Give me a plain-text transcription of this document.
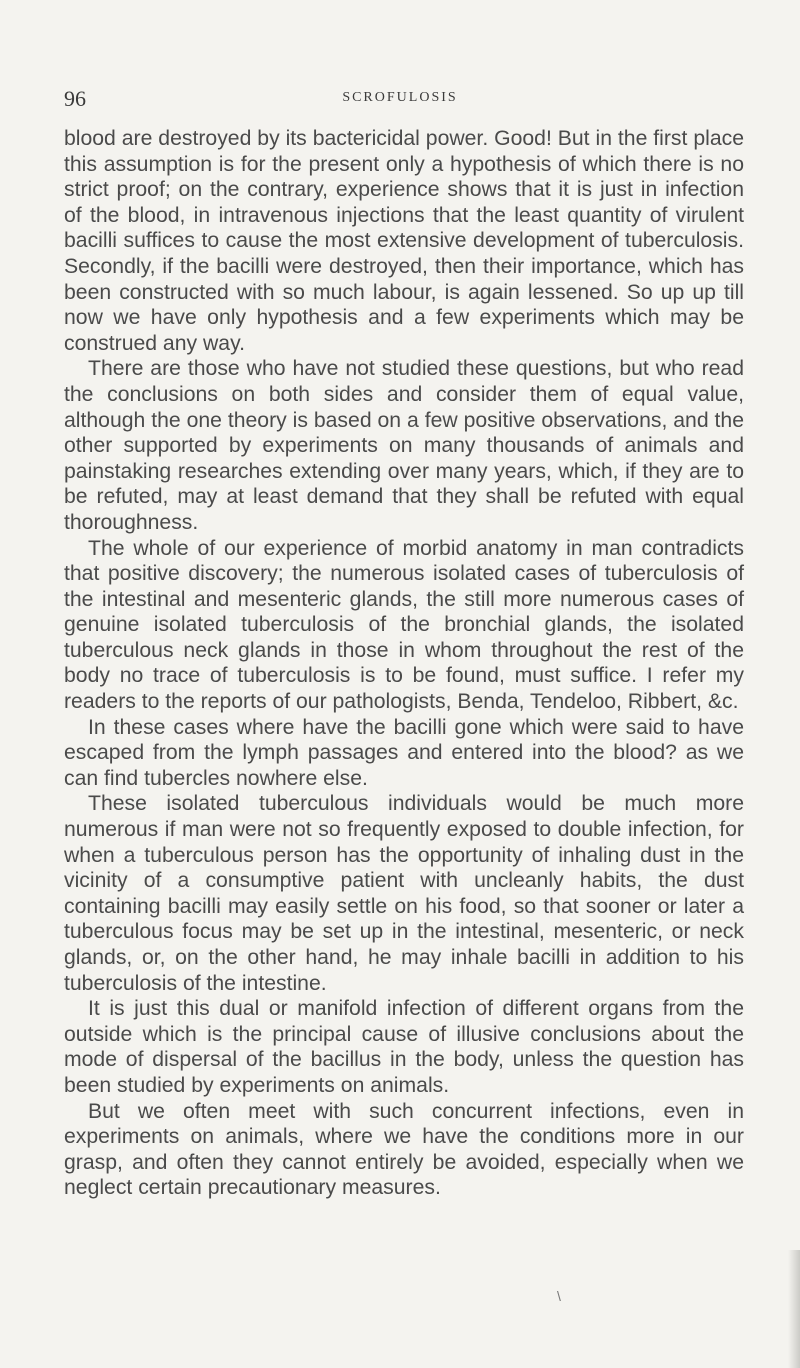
96	SCROFULOSIS

blood are destroyed by its bactericidal power. Good! But in the first place this assumption is for the present only a hypothesis of which there is no strict proof; on the contrary, experience shows that it is just in infection of the blood, in intravenous injections that the least quantity of virulent bacilli suffices to cause the most extensive development of tuberculosis. Secondly, if the bacilli were destroyed, then their importance, which has been constructed with so much labour, is again lessened. So up up till now we have only hypothesis and a few experiments which may be construed any way.

There are those who have not studied these questions, but who read the conclusions on both sides and consider them of equal value, although the one theory is based on a few positive observations, and the other supported by experiments on many thousands of animals and painstaking researches extending over many years, which, if they are to be refuted, may at least demand that they shall be refuted with equal thoroughness.

The whole of our experience of morbid anatomy in man contradicts that positive discovery; the numerous isolated cases of tuberculosis of the intestinal and mesenteric glands, the still more numerous cases of genuine isolated tuberculosis of the bronchial glands, the isolated tuberculous neck glands in those in whom throughout the rest of the body no trace of tuberculosis is to be found, must suffice. I refer my readers to the reports of our pathologists, Benda, Tendeloo, Ribbert, &c.

In these cases where have the bacilli gone which were said to have escaped from the lymph passages and entered into the blood? as we can find tubercles nowhere else.

These isolated tuberculous individuals would be much more numerous if man were not so frequently exposed to double infection, for when a tuberculous person has the opportunity of inhaling dust in the vicinity of a consumptive patient with uncleanly habits, the dust containing bacilli may easily settle on his food, so that sooner or later a tuberculous focus may be set up in the intestinal, mesenteric, or neck glands, or, on the other hand, he may inhale bacilli in addition to his tuberculosis of the intestine.

It is just this dual or manifold infection of different organs from the outside which is the principal cause of illusive conclusions about the mode of dispersal of the bacillus in the body, unless the question has been studied by experiments on animals.

But we often meet with such concurrent infections, even in experiments on animals, where we have the conditions more in our grasp, and often they cannot entirely be avoided, especially when we neglect certain precautionary measures.

\
